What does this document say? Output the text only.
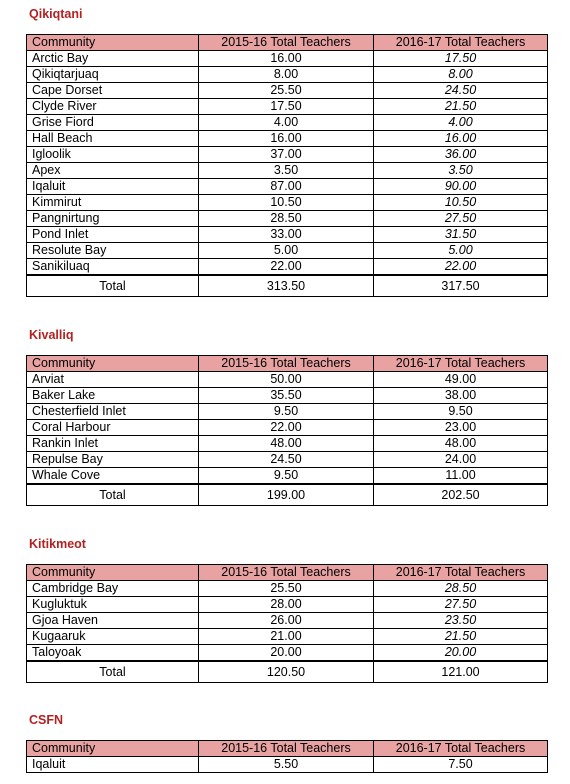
Qikiqtani
Community	2015-16 Total Teachers	2016-17 Total Teachers
Arctic Bay	16.00	17.50
Qikiqtarjuaq	8.00	8.00
Cape Dorset	25.50	24.50
Clyde River	17.50	21.50
Grise Fiord	4.00	4.00
Hall Beach	16.00	16.00
Igloolik	37.00	36.00
Apex	3.50	3.50
Iqaluit	87.00	90.00
Kimmirut	10.50	10.50
Pangnirtung	28.50	27.50
Pond Inlet	33.00	31.50
Resolute Bay	5.00	5.00
Sanikiluaq	22.00	22.00
Total	313.50	317.50
Kivalliq
Community	2015-16 Total Teachers	2016-17 Total Teachers
Arviat	50.00	49.00
Baker Lake	35.50	38.00
Chesterfield Inlet	9.50	9.50
Coral Harbour	22.00	23.00
Rankin Inlet	48.00	48.00
Repulse Bay	24.50	24.00
Whale Cove	9.50	11.00
Total	199.00	202.50
Kitikmeot
Community	2015-16 Total Teachers	2016-17 Total Teachers
Cambridge Bay	25.50	28.50
Kugluktuk	28.00	27.50
Gjoa Haven	26.00	23.50
Kugaaruk	21.00	21.50
Taloyoak	20.00	20.00
Total	120.50	121.00
CSFN
Community	2015-16 Total Teachers	2016-17 Total Teachers
Iqaluit	5.50	7.50
